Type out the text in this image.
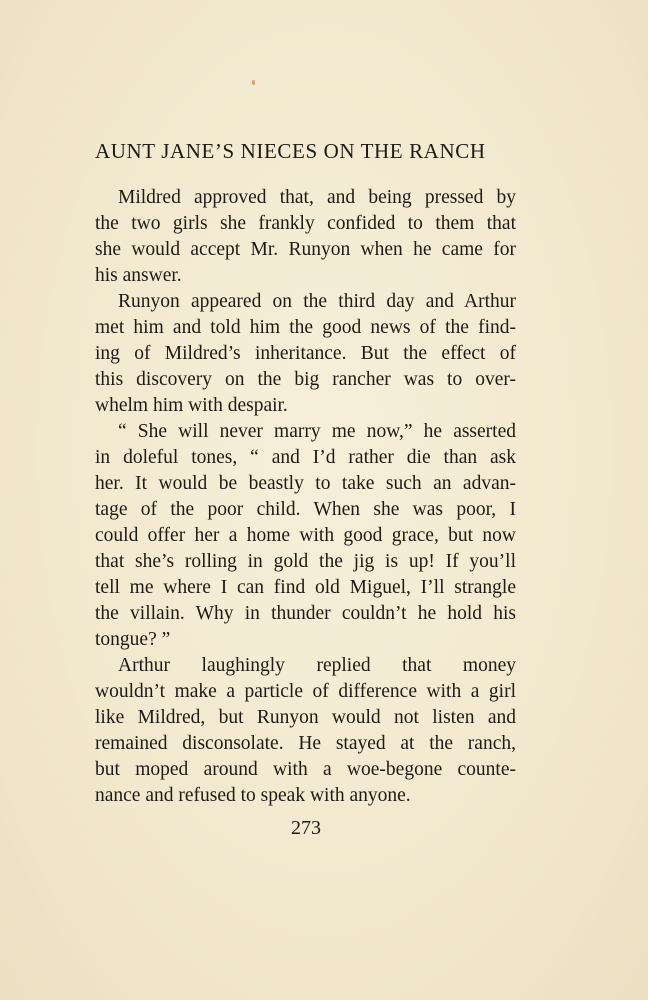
AUNT JANE’S NIECES ON THE RANCH
Mildred approved that, and being pressed by
the two girls she frankly confided to them that
she would accept Mr. Runyon when he came for
his answer.
Runyon appeared on the third day and Arthur
met him and told him the good news of the find-
ing of Mildred’s inheritance. But the effect of
this discovery on the big rancher was to over-
whelm him with despair.
“ She will never marry me now,” he asserted
in doleful tones, “ and I’d rather die than ask
her. It would be beastly to take such an advan-
tage of the poor child. When she was poor, I
could offer her a home with good grace, but now
that she’s rolling in gold the jig is up! If you’ll
tell me where I can find old Miguel, I’ll strangle
the villain. Why in thunder couldn’t he hold his
tongue? ”
Arthur laughingly replied that money
wouldn’t make a particle of difference with a girl
like Mildred, but Runyon would not listen and
remained disconsolate. He stayed at the ranch,
but moped around with a woe-begone counte-
nance and refused to speak with anyone.
273
